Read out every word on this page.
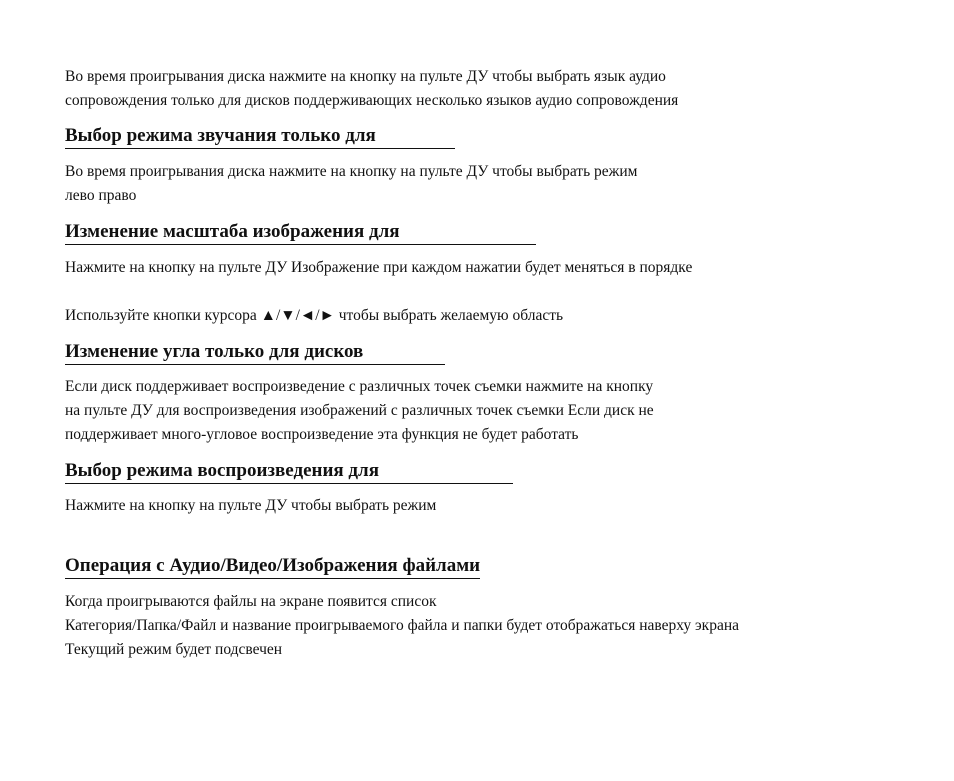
Во время проигрывания диска нажмите на кнопку на пульте ДУ чтобы выбрать язык аудио

сопровождения только для дисков поддерживающих несколько языков аудио сопровождения

Выбор режима звучания только для

Во время проигрывания диска нажмите на кнопку на пульте ДУ чтобы выбрать режим

лево право

Изменение масштаба изображения для

Нажмите на кнопку на пульте ДУ Изображение при каждом нажатии будет меняться в порядке

Используйте кнопки курсора ▲/▼/◄/► чтобы выбрать желаемую область

Изменение угла только для дисков

Если диск поддерживает воспроизведение с различных точек съемки нажмите на кнопку

на пульте ДУ для воспроизведения изображений с различных точек съемки Если диск не

поддерживает много-угловое воспроизведение эта функция не будет работать

Выбор режима воспроизведения для

Нажмите на кнопку на пульте ДУ чтобы выбрать режим

Операция с Аудио/Видео/Изображения файлами

Когда проигрываются файлы на экране появится список

Категория/Папка/Файл и название проигрываемого файла и папки будет отображаться наверху экрана

Текущий режим будет подсвечен
